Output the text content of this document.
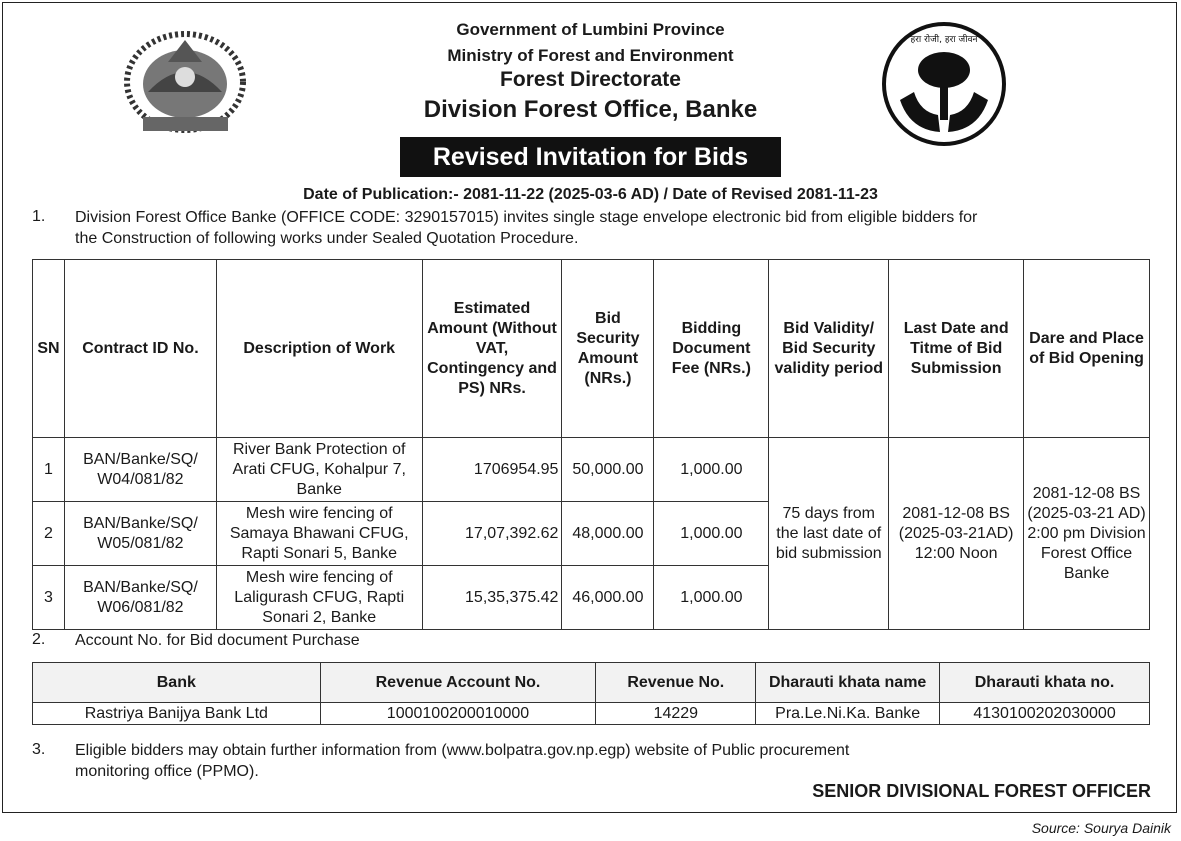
हरा रोजी, हरा जीवन
Government of Lumbini Province
Ministry of Forest and Environment
Forest Directorate
Division Forest Office, Banke
Revised Invitation for Bids
Date of Publication:- 2081-11-22 (2025-03-6 AD) / Date of Revised 2081-11-23
1. Division Forest Office Banke (OFFICE CODE: 3290157015) invites single stage envelope electronic bid from eligible bidders for
the Construction of following works under Sealed Quotation Procedure.
SN	Contract ID No.	Description of Work	Estimated Amount (Without VAT, Contingency and PS) NRs.	Bid Security Amount (NRs.)	Bidding Document Fee (NRs.)	Bid Validity/ Bid Security validity period	Last Date and Titme of Bid Submission	Dare and Place of Bid Opening
1	BAN/Banke/SQ/ W04/081/82	River Bank Protection of Arati CFUG, Kohalpur 7, Banke	1706954.95	50,000.00	1,000.00	75 days from the last date of bid submission	2081-12-08 BS (2025-03-21AD) 12:00 Noon	2081-12-08 BS (2025-03-21 AD) 2:00 pm Division Forest Office Banke
2	BAN/Banke/SQ/ W05/081/82	Mesh wire fencing of Samaya Bhawani CFUG, Rapti Sonari 5, Banke	17,07,392.62	48,000.00	1,000.00			
3	BAN/Banke/SQ/ W06/081/82	Mesh wire fencing of Laligurash CFUG, Rapti Sonari 2, Banke	15,35,375.42	46,000.00	1,000.00			
2. Account No. for Bid document Purchase
Bank	Revenue Account No.	Revenue No.	Dharauti khata name	Dharauti khata no.
Rastriya Banijya Bank Ltd	1000100200010000	14229	Pra.Le.Ni.Ka. Banke	4130100202030000
3. Eligible bidders may obtain further information from (www.bolpatra.gov.np.egp) website of Public procurement
monitoring office (PPMO).
SENIOR DIVISIONAL FOREST OFFICER
Source: Sourya Dainik
